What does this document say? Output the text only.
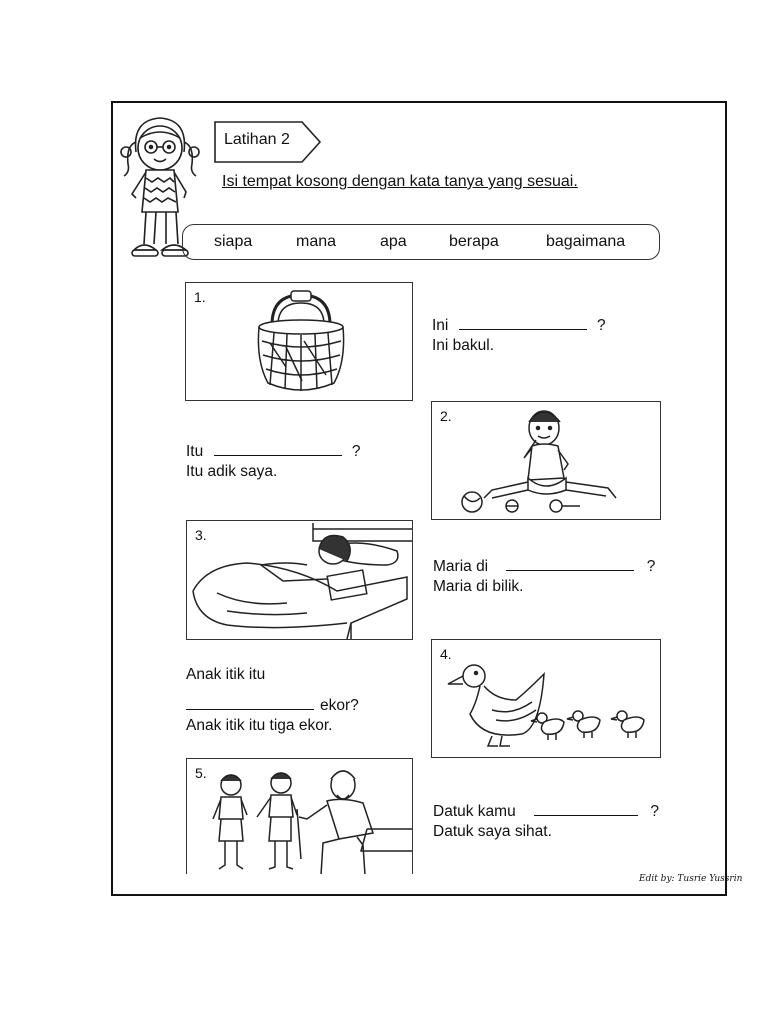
Latihan 2
Isi tempat kosong dengan kata tanya yang sesuai.
siapa	mana	apa	berapa	bagaimana
1.
Ini	?
Ini bakul.
Itu	?
Itu adik saya.
2.
3.
Maria di	?
Maria di bilik.
Anak itik itu
ekor?
Anak itik itu tiga ekor.
4.
5.
Datuk kamu	?
Datuk saya sihat.
Edit by: Tusrie Yussrin
